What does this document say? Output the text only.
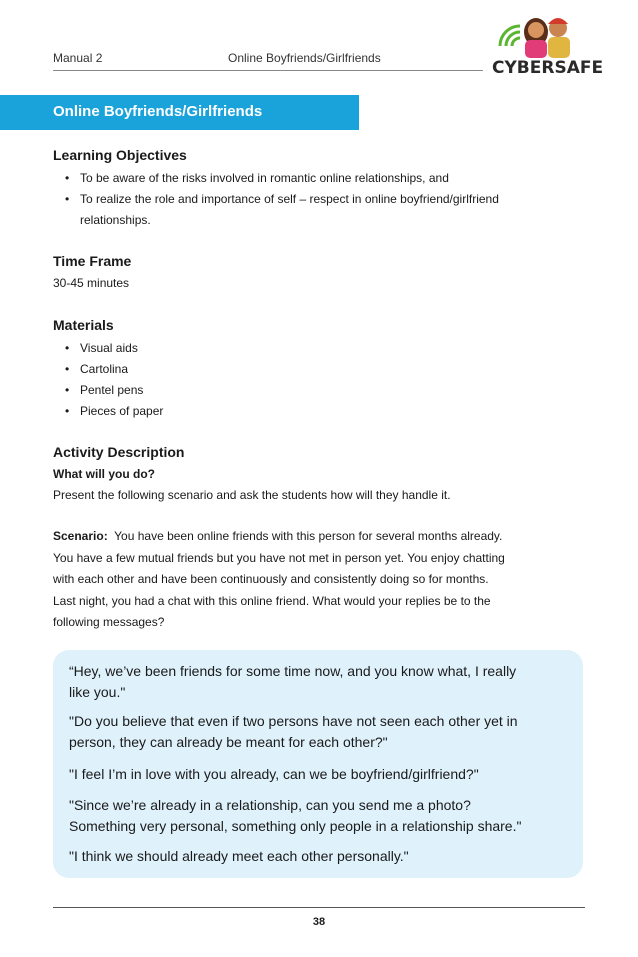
Manual 2	Online Boyfriends/Girlfriends	CYBERSAFE
Online Boyfriends/Girlfriends
Learning Objectives
• To be aware of the risks involved in romantic online relationships, and
• To realize the role and importance of self – respect in online boyfriend/girlfriend
relationships.
Time Frame
30-45 minutes
Materials
• Visual aids
• Cartolina
• Pentel pens
• Pieces of paper
Activity Description
What will you do?
Present the following scenario and ask the students how will they handle it.
Scenario: You have been online friends with this person for several months already.
You have a few mutual friends but you have not met in person yet. You enjoy chatting
with each other and have been continuously and consistently doing so for months.
Last night, you had a chat with this online friend. What would your replies be to the
following messages?
“Hey, we’ve been friends for some time now, and you know what, I really
like you."
"Do you believe that even if two persons have not seen each other yet in
person, they can already be meant for each other?"
"I feel I’m in love with you already, can we be boyfriend/girlfriend?"
"Since we’re already in a relationship, can you send me a photo?
Something very personal, something only people in a relationship share."
"I think we should already meet each other personally."
38
